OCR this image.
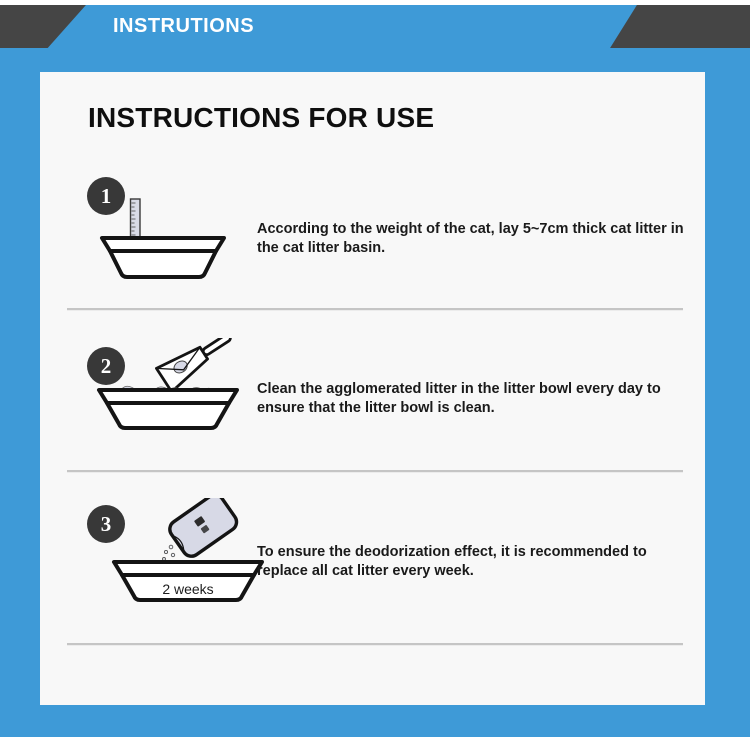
INSTRUTIONS
INSTRUCTIONS FOR USE
1
According to the weight of the cat, lay 5~7cm thick cat litter in the cat litter basin.
2
Clean the agglomerated litter in the litter bowl every day to ensure that the litter bowl is clean.
3
2 weeks
To ensure the deodorization effect, it is recommended to replace all cat litter every week.
